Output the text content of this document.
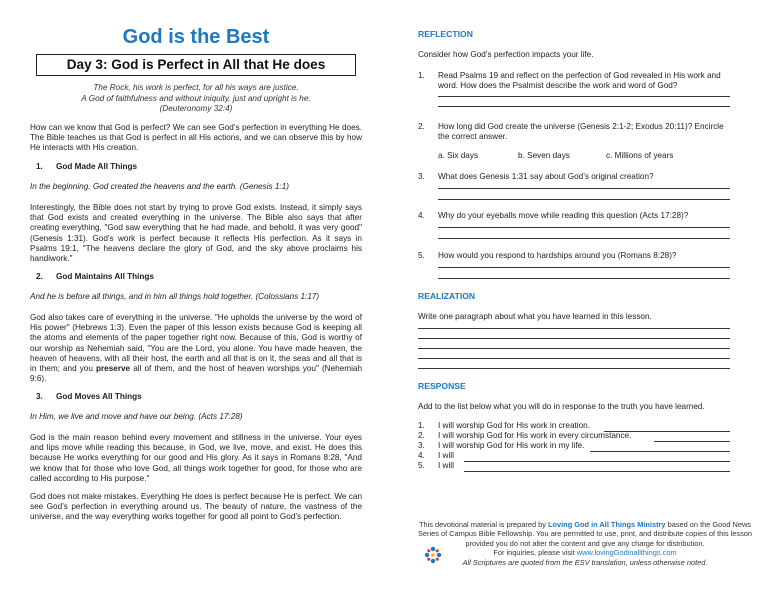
God is the Best
Day 3: God is Perfect in All that He does
The Rock, his work is perfect, for all his ways are justice.
A God of faithfulness and without iniquity, just and upright is he.
(Deuteronomy 32:4)

How can we know that God is perfect? We can see God’s perfection in everything He does. The Bible teaches us that God is perfect in all His actions, and we can observe this by how He interacts with His creation.

1. God Made All Things
In the beginning, God created the heavens and the earth. (Genesis 1:1)

Interestingly, the Bible does not start by trying to prove God exists. Instead, it simply says that God exists and created everything in the universe. The Bible also says that after creating everything, "God saw everything that he had made, and behold, it was very good" (Genesis 1:31). God’s work is perfect because it reflects His perfection. As it says in Psalms 19:1, "The heavens declare the glory of God, and the sky above proclaims his handiwork."

2. God Maintains All Things
And he is before all things, and in him all things hold together. (Colossians 1:17)

God also takes care of everything in the universe. "He upholds the universe by the word of His power" (Hebrews 1:3). Even the paper of this lesson exists because God is keeping all the atoms and elements of the paper together right now. Because of this, God is worthy of our worship as Nehemiah said, "You are the Lord, you alone. You have made heaven, the heaven of heavens, with all their host, the earth and all that is on it, the seas and all that is in them; and you preserve all of them, and the host of heaven worships you" (Nehemiah 9:6).

3. God Moves All Things
In Him, we live and move and have our being. (Acts 17:28)

God is the main reason behind every movement and stillness in the universe. Your eyes and lips move while reading this because, in God, we live, move, and exist. He does this because He works everything for our good and His glory. As it says in Romans 8:28, "And we know that for those who love God, all things work together for good, for those who are called according to His purpose."

God does not make mistakes. Everything He does is perfect because He is perfect. We can see God’s perfection in everything around us. The beauty of nature, the vastness of the universe, and the way everything works together for good all point to God’s perfection.

REFLECTION

Consider how God’s perfection impacts your life.

1. Read Psalms 19 and reflect on the perfection of God revealed in His work and word. How does the Psalmist describe the work and word of God?
2. How long did God create the universe (Genesis 2:1-2; Exodus 20:11)? Encircle the correct answer.
a. Six days	b. Seven days	c. Millions of years
3. What does Genesis 1:31 say about God’s original creation?
4. Why do your eyeballs move while reading this question (Acts 17:28)?
5. How would you respond to hardships around you (Romans 8:28)?
REALIZATION

Write one paragraph about what you have learned in this lesson.

RESPONSE

Add to the list below what you will do in response to the truth you have learned.

1. I will worship God for His work in creation.
2. I will worship God for His work in every circumstance.
3. I will worship God for His work in my life.
4. I will
5. I will
This devotional material is prepared by Loving God in All Things Ministry based on the Good News Series of Campus Bible Fellowship. You are permitted to use, print, and distribute copies of this lesson provided you do not alter the content and give any charge for distribution.
For inquiries, please visit www.lovingGodinallthings.com
All Scriptures are quoted from the ESV translation, unless otherwise noted.
